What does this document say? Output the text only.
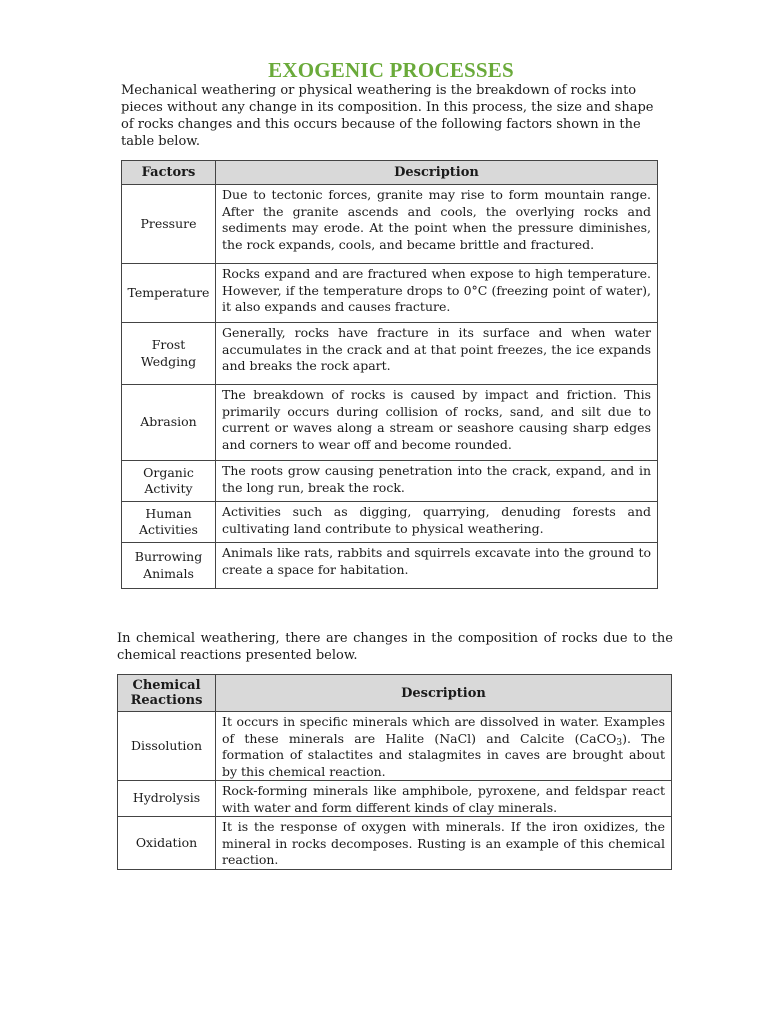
EXOGENIC PROCESSES
Mechanical weathering or physical weathering is the breakdown of rocks into pieces without any change in its composition. In this process, the size and shape of rocks changes and this occurs because of the following factors shown in the table below.
Factors	Description
Pressure	Due to tectonic forces, granite may rise to form mountain range. After the granite ascends and cools, the overlying rocks and sediments may erode. At the point when the pressure diminishes, the rock expands, cools, and became brittle and fractured.
Temperature	Rocks expand and are fractured when expose to high temperature. However, if the temperature drops to 0°C (freezing point of water), it also expands and causes fracture.
Frost Wedging	Generally, rocks have fracture in its surface and when water accumulates in the crack and at that point freezes, the ice expands and breaks the rock apart.
Abrasion	The breakdown of rocks is caused by impact and friction. This primarily occurs during collision of rocks, sand, and silt due to current or waves along a stream or seashore causing sharp edges and corners to wear off and become rounded.
Organic Activity	The roots grow causing penetration into the crack, expand, and in the long run, break the rock.
Human Activities	Activities such as digging, quarrying, denuding forests and cultivating land contribute to physical weathering.
Burrowing Animals	Animals like rats, rabbits and squirrels excavate into the ground to create a space for habitation.
In chemical weathering, there are changes in the composition of rocks due to the chemical reactions presented below.
Chemical Reactions	Description
Dissolution	It occurs in specific minerals which are dissolved in water. Examples of these minerals are Halite (NaCl) and Calcite (CaCO$_3$). The formation of stalactites and stalagmites in caves are brought about by this chemical reaction.
Hydrolysis	Rock-forming minerals like amphibole, pyroxene, and feldspar react with water and form different kinds of clay minerals.
Oxidation	It is the response of oxygen with minerals. If the iron oxidizes, the mineral in rocks decomposes. Rusting is an example of this chemical reaction.
